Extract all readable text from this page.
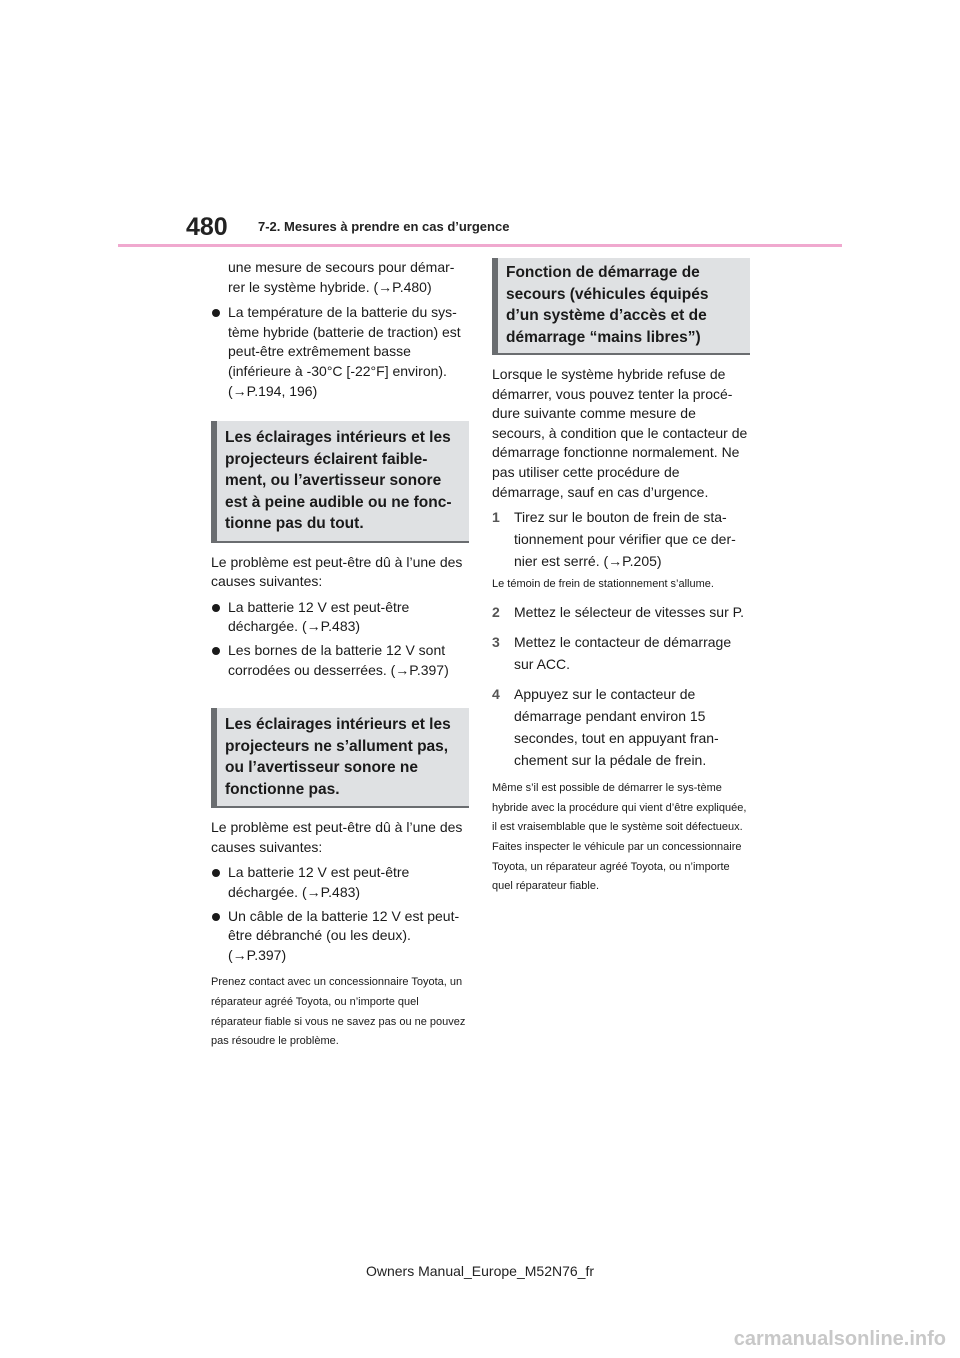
480 7-2. Mesures à prendre en cas d’urgence

une mesure de secours pour démar-rer le système hybride. (→P.480)

La température de la batterie du sys-tème hybride (batterie de traction) est peut-être extrêmement basse (inférieure à -30°C [-22°F] environ). (→P.194, 196)
Les éclairages intérieurs et les projecteurs éclairent faible-ment, ou l’avertisseur sonore est à peine audible ou ne fonc-tionne pas du tout.

Le problème est peut-être dû à l’une des causes suivantes:

La batterie 12 V est peut-être déchargée. (→P.483)
Les bornes de la batterie 12 V sont corrodées ou desserrées. (→P.397)
Les éclairages intérieurs et les projecteurs ne s’allument pas, ou l’avertisseur sonore ne fonctionne pas.

Le problème est peut-être dû à l’une des causes suivantes:

La batterie 12 V est peut-être déchargée. (→P.483)
Un câble de la batterie 12 V est peut-être débranché (ou les deux). (→P.397)

Prenez contact avec un concessionnaire Toyota, un réparateur agréé Toyota, ou n’importe quel réparateur fiable si vous ne savez pas ou ne pouvez pas résoudre le problème.

Fonction de démarrage de secours (véhicules équipés d’un système d’accès et de démarrage “mains libres”)

Lorsque le système hybride refuse de démarrer, vous pouvez tenter la procé-dure suivante comme mesure de secours, à condition que le contacteur de démarrage fonctionne normalement. Ne pas utiliser cette procédure de démarrage, sauf en cas d’urgence.

1 Tirez sur le bouton de frein de sta-tionnement pour vérifier que ce der-nier est serré. (→P.205)

Le témoin de frein de stationnement s’allume.

2 Mettez le sélecteur de vitesses sur P.
3 Mettez le contacteur de démarrage sur ACC.
4 Appuyez sur le contacteur de démarrage pendant environ 15 secondes, tout en appuyant fran-chement sur la pédale de frein.

Même s’il est possible de démarrer le sys-tème hybride avec la procédure qui vient d’être expliquée, il est vraisemblable que le système soit défectueux. Faites inspecter le véhicule par un concessionnaire Toyota, un réparateur agréé Toyota, ou n’importe quel réparateur fiable.

Owners Manual_Europe_M52N76_fr
carmanualsonline.info
